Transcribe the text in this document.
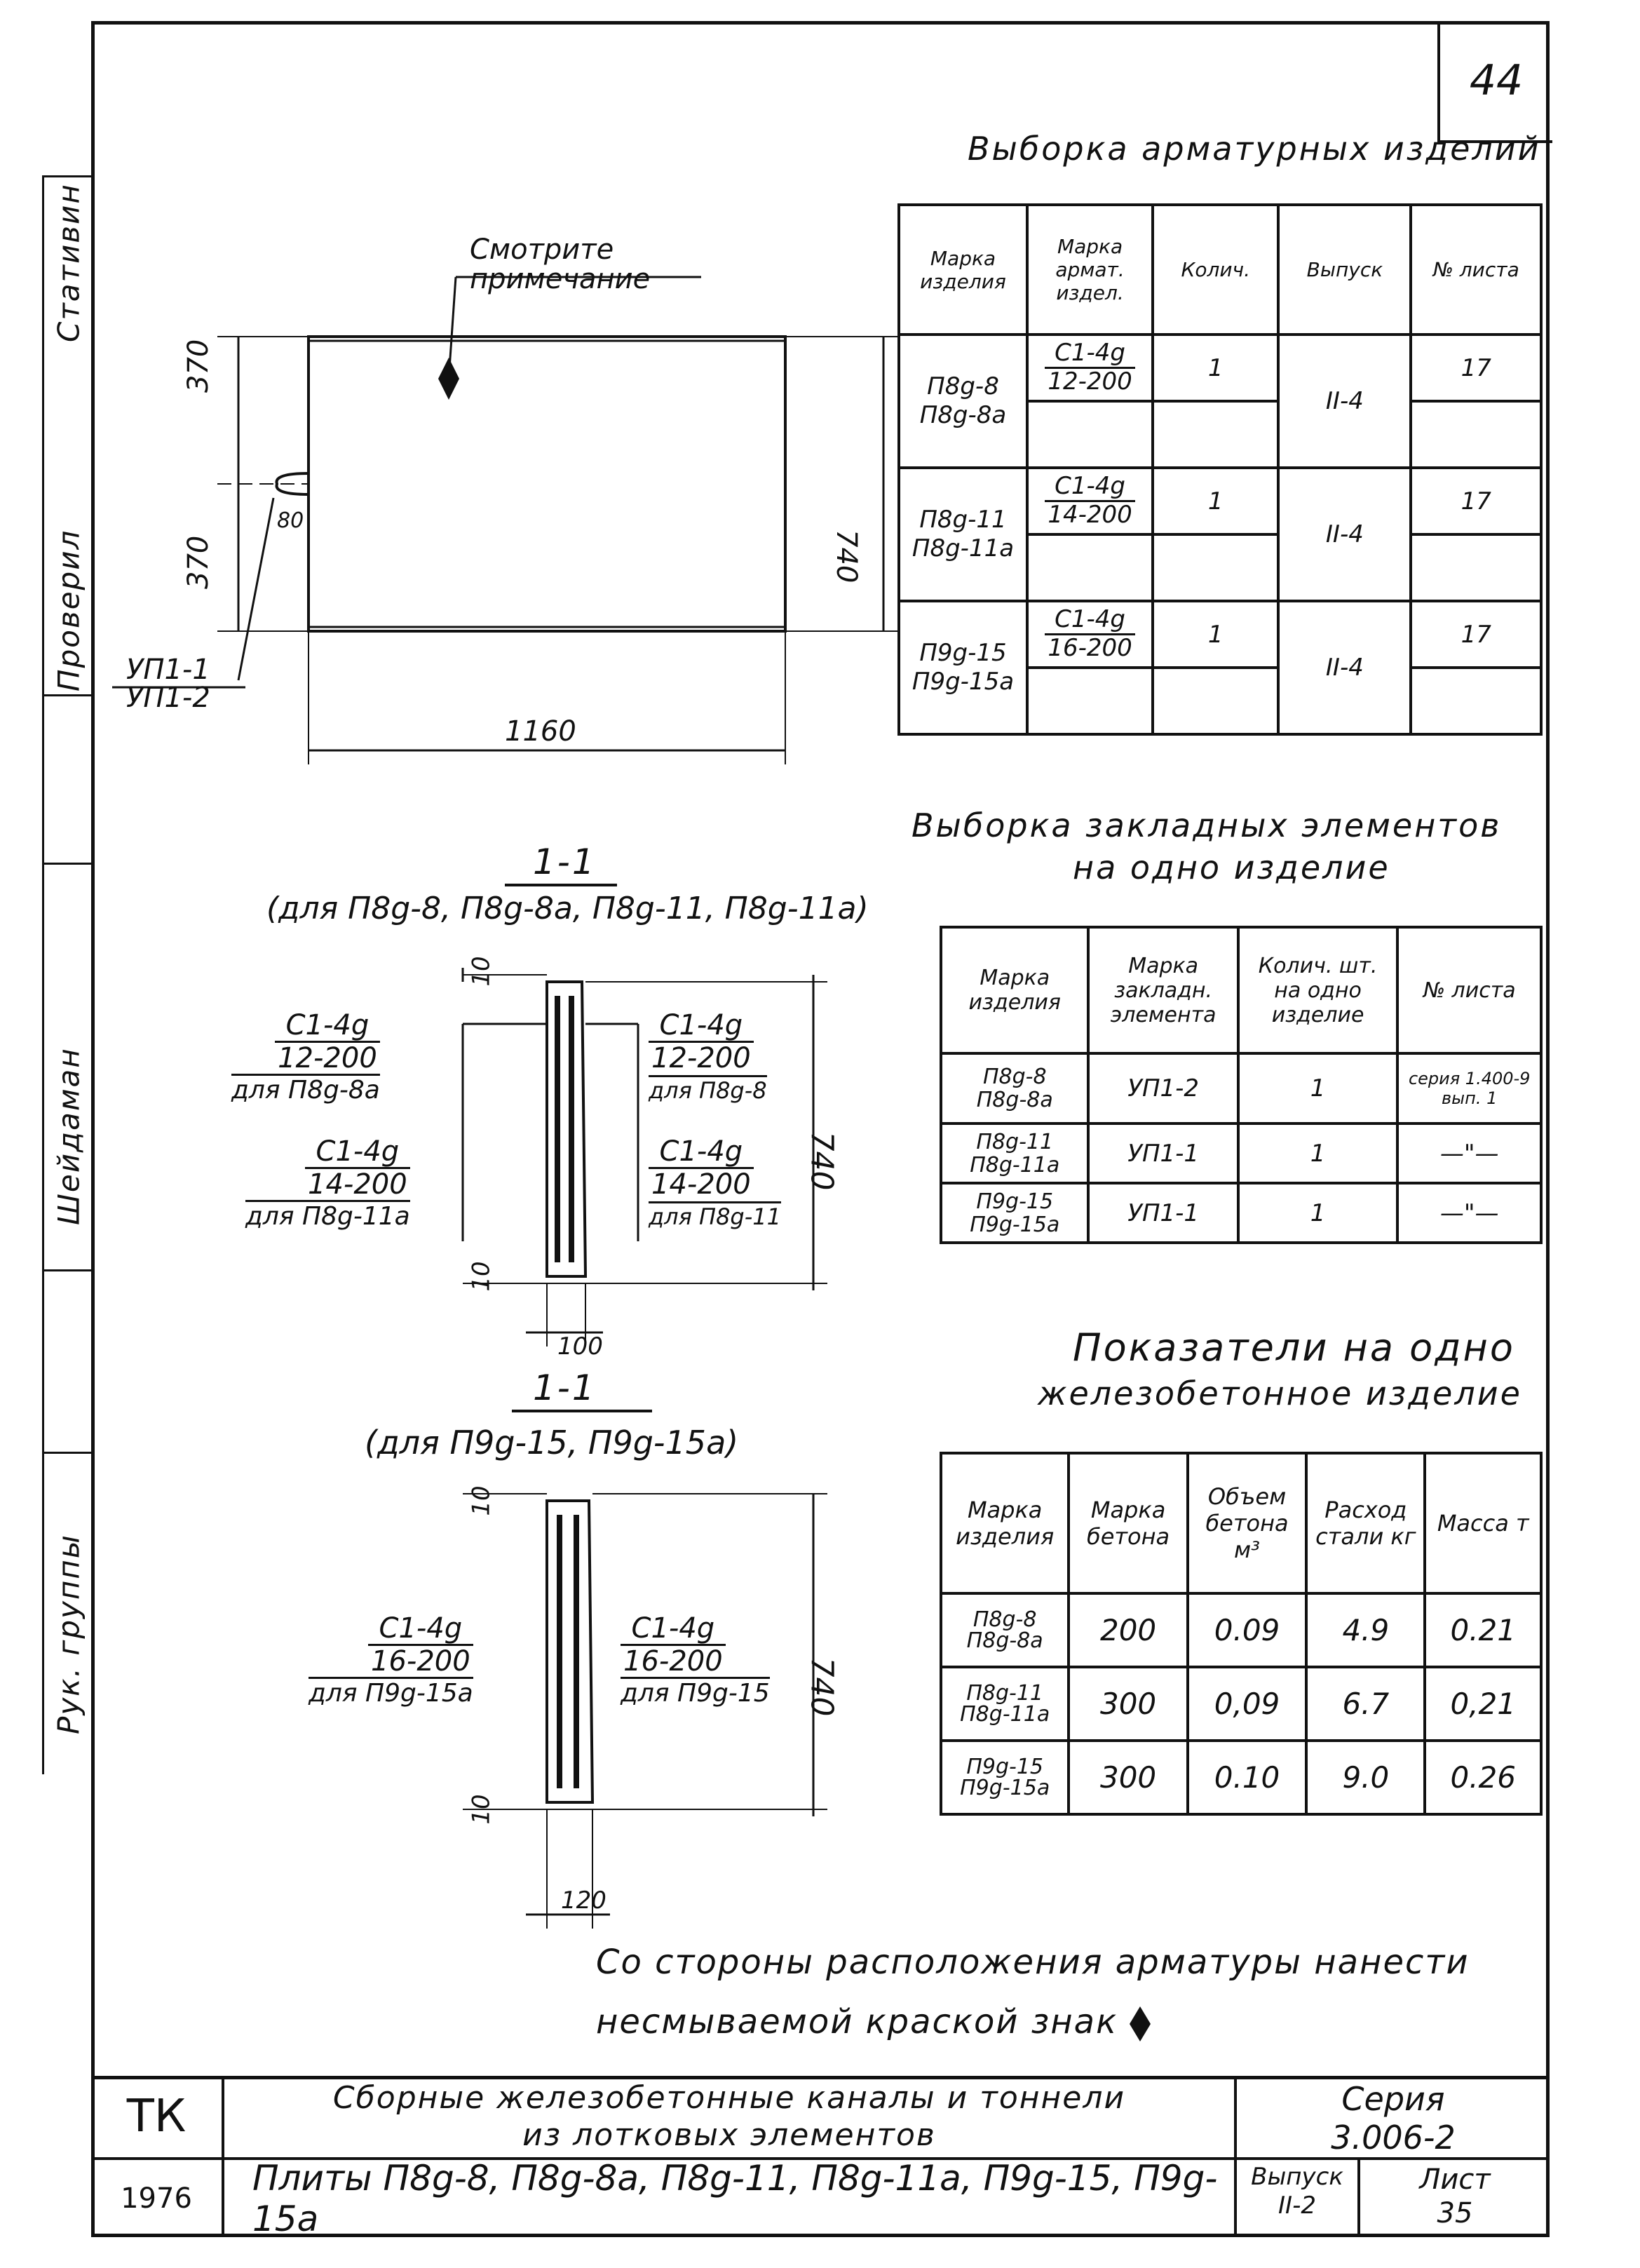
44
Стативин
Проверил
Шейдаман
Рук. группы
Смотрите
примечание
370
370	740
1160
80
УП1-1
УП1-2
Выборка арматурных изделий
Марка изделия	Марка армат. издел.	Колич.	Выпуск	№ листа
П8g-8
П8g-8a	$\frac{С1-4g}{12-200}$	1	II-4	17

П8g-11
П8g-11a	$\frac{С1-4g}{14-200}$	1	II-4	17

П9g-15
П9g-15a	$\frac{С1-4g}{16-200}$	1	II-4	17

Выборка закладных элементов
на одно изделие
Марка изделия	Марка закладн. элемента	Колич. шт. на одно изделие	№ листа
П8g-8
П8g-8a	УП1-2	1	серия 1.400-9 вып. 1
П8g-11
П8g-11a	УП1-1	1	—"—
П9g-15
П9g-15a	УП1-1	1	—"—
Показатели на одно
железобетонное изделие
Марка изделия	Марка бетона	Объем бетона м³	Расход стали кг	Масса т
П8g-8
П8g-8a	200	0.09	4.9	0.21
П8g-11
П8g-11a	300	0,09	6.7	0,21
П9g-15
П9g-15a	300	0.10	9.0	0.26
1-1
(для П8g-8, П8g-8a, П8g-11, П8g-11a)
10
10
740
100
$\frac{С1-4g}{12-200}$

для П8g-8а
$\frac{С1-4g}{14-200}$

для П8g-11а
$\frac{С1-4g}{12-200}$

для П8g-8
$\frac{С1-4g}{14-200}$

для П8g-11
1-1
(для П9g-15, П9g-15a)
10
10
740
120
$\frac{С1-4g}{16-200}$

для П9g-15a
$\frac{С1-4g}{16-200}$

для П9g-15
Со стороны расположения арматуры нанести
несмываемой краской знак
ТК
1976
Сборные железобетонные каналы и тоннели
из лотковых элементов
Плиты П8g-8, П8g-8a, П8g-11, П8g-11a, П9g-15, П9g-15a
Серия
3.006-2
Выпуск
II-2
Лист
35
